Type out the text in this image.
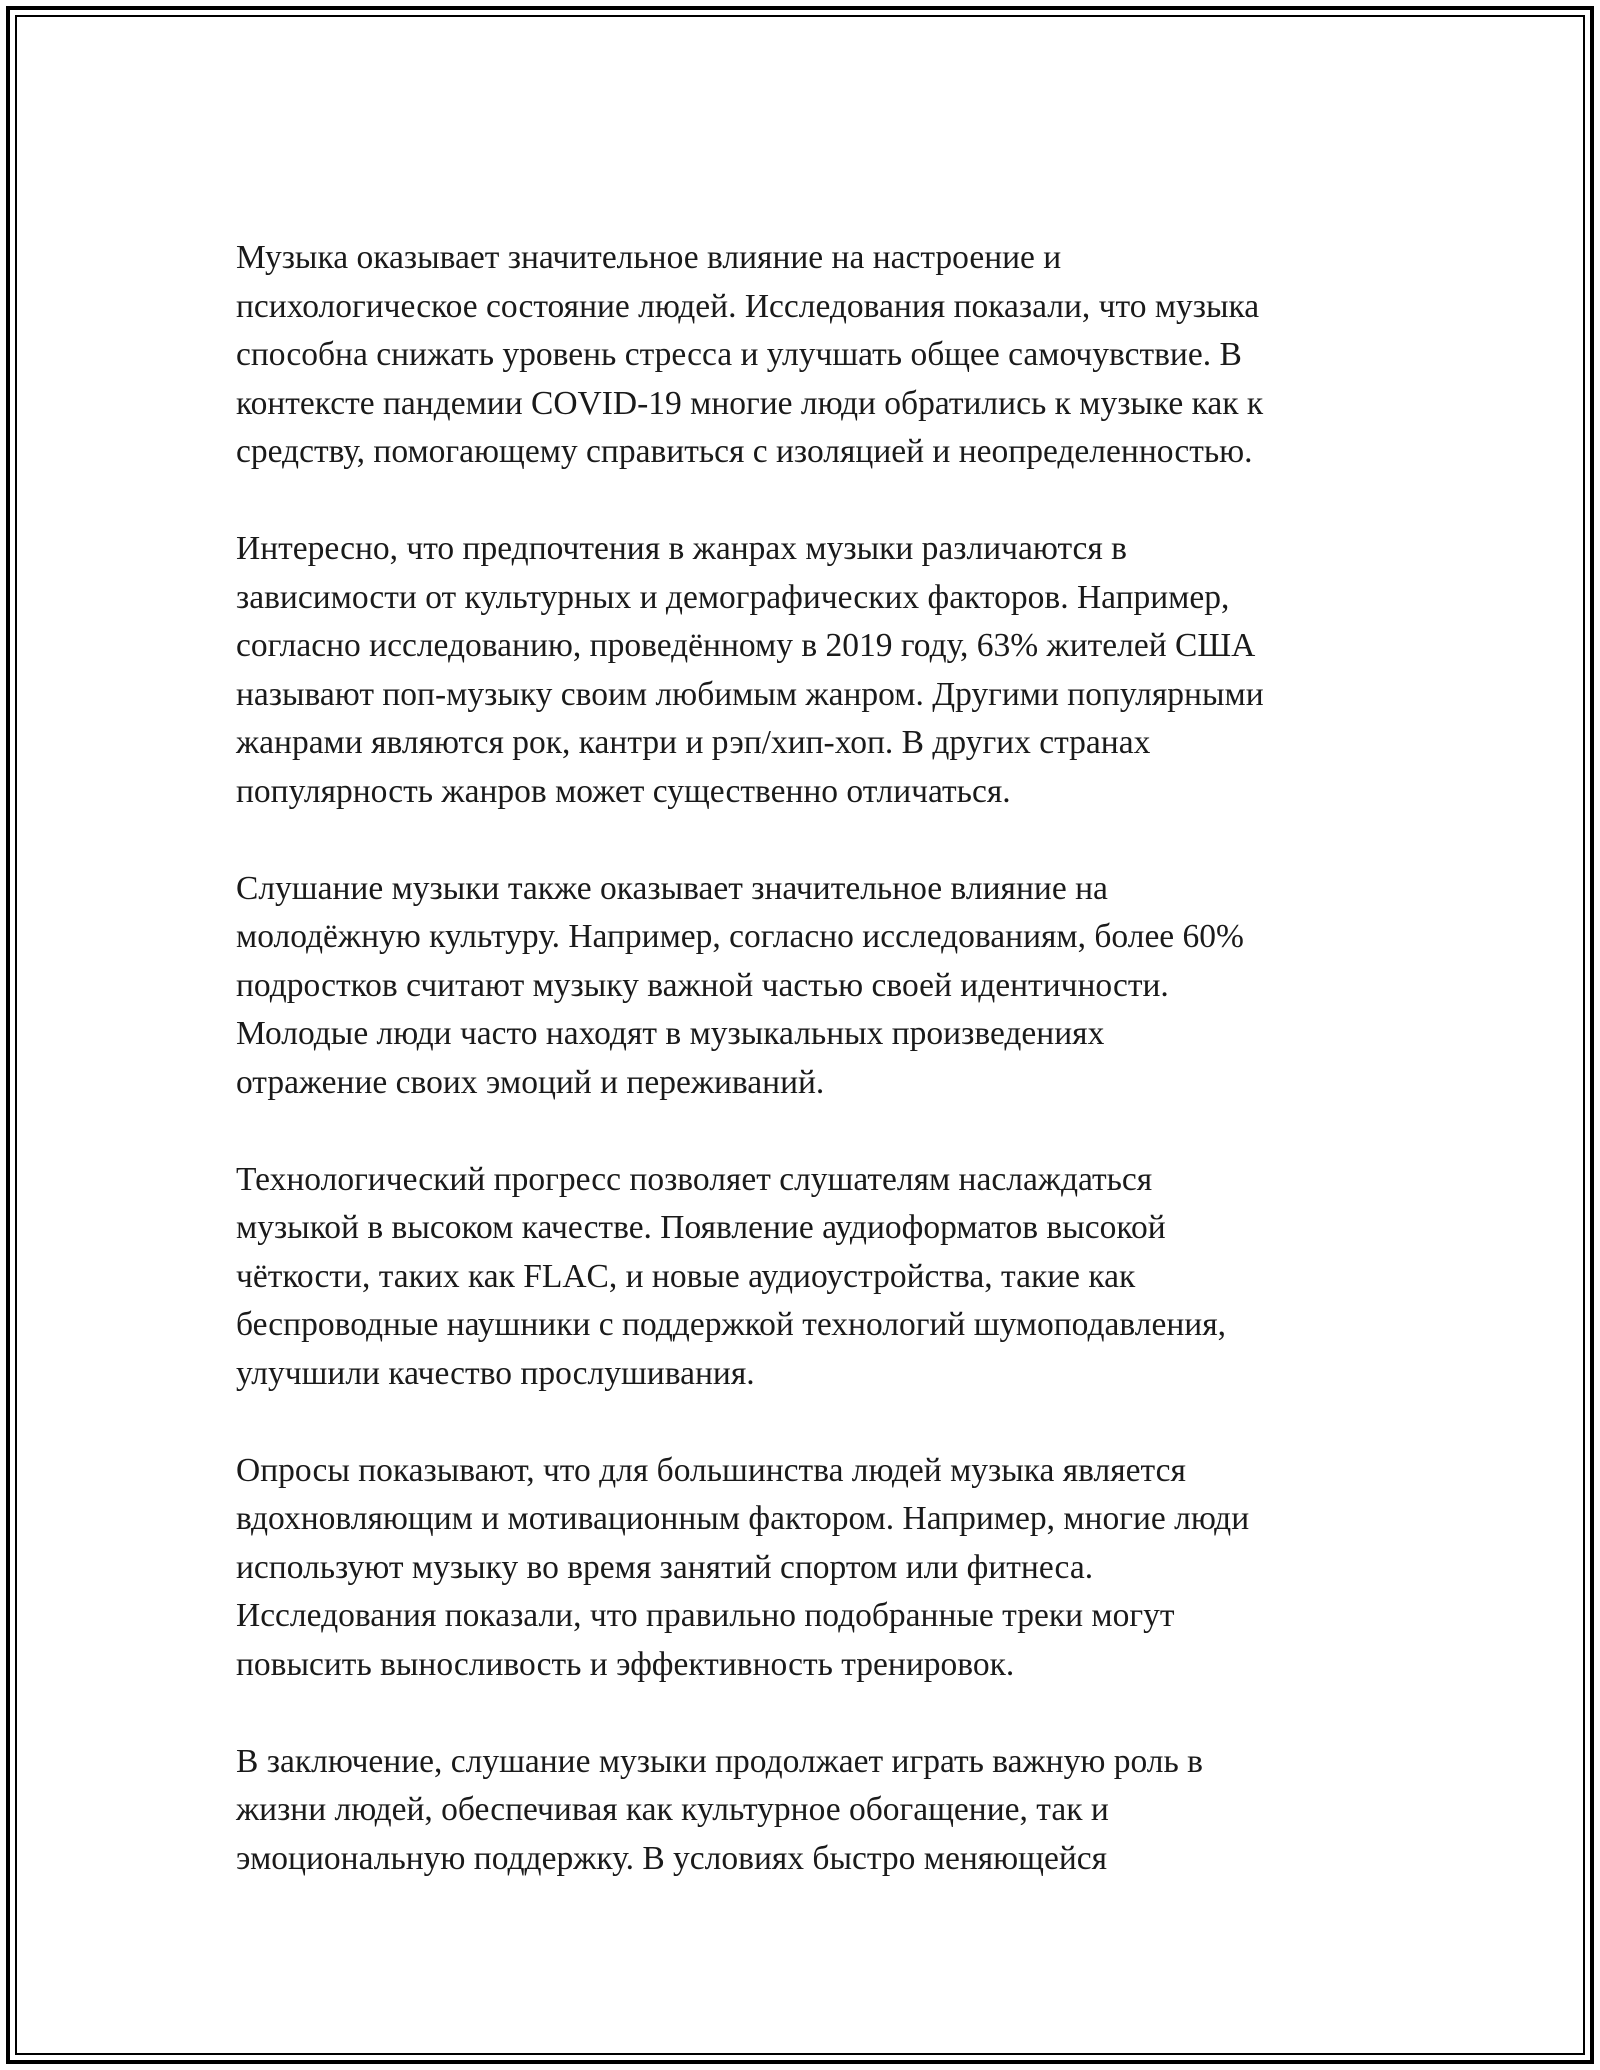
Музыка оказывает значительное влияние на настроение и
психологическое состояние людей. Исследования показали, что музыка
способна снижать уровень стресса и улучшать общее самочувствие. В
контексте пандемии COVID-19 многие люди обратились к музыке как к
средству, помогающему справиться с изоляцией и неопределенностью.

Интересно, что предпочтения в жанрах музыки различаются в
зависимости от культурных и демографических факторов. Например,
согласно исследованию, проведённому в 2019 году, 63% жителей США
называют поп-музыку своим любимым жанром. Другими популярными
жанрами являются рок, кантри и рэп/хип-хоп. В других странах
популярность жанров может существенно отличаться.

Слушание музыки также оказывает значительное влияние на
молодёжную культуру. Например, согласно исследованиям, более 60%
подростков считают музыку важной частью своей идентичности.
Молодые люди часто находят в музыкальных произведениях
отражение своих эмоций и переживаний.

Технологический прогресс позволяет слушателям наслаждаться
музыкой в высоком качестве. Появление аудиоформатов высокой
чёткости, таких как FLAC, и новые аудиоустройства, такие как
беспроводные наушники с поддержкой технологий шумоподавления,
улучшили качество прослушивания.

Опросы показывают, что для большинства людей музыка является
вдохновляющим и мотивационным фактором. Например, многие люди
используют музыку во время занятий спортом или фитнеса.
Исследования показали, что правильно подобранные треки могут
повысить выносливость и эффективность тренировок.

В заключение, слушание музыки продолжает играть важную роль в
жизни людей, обеспечивая как культурное обогащение, так и
эмоциональную поддержку. В условиях быстро меняющейся
